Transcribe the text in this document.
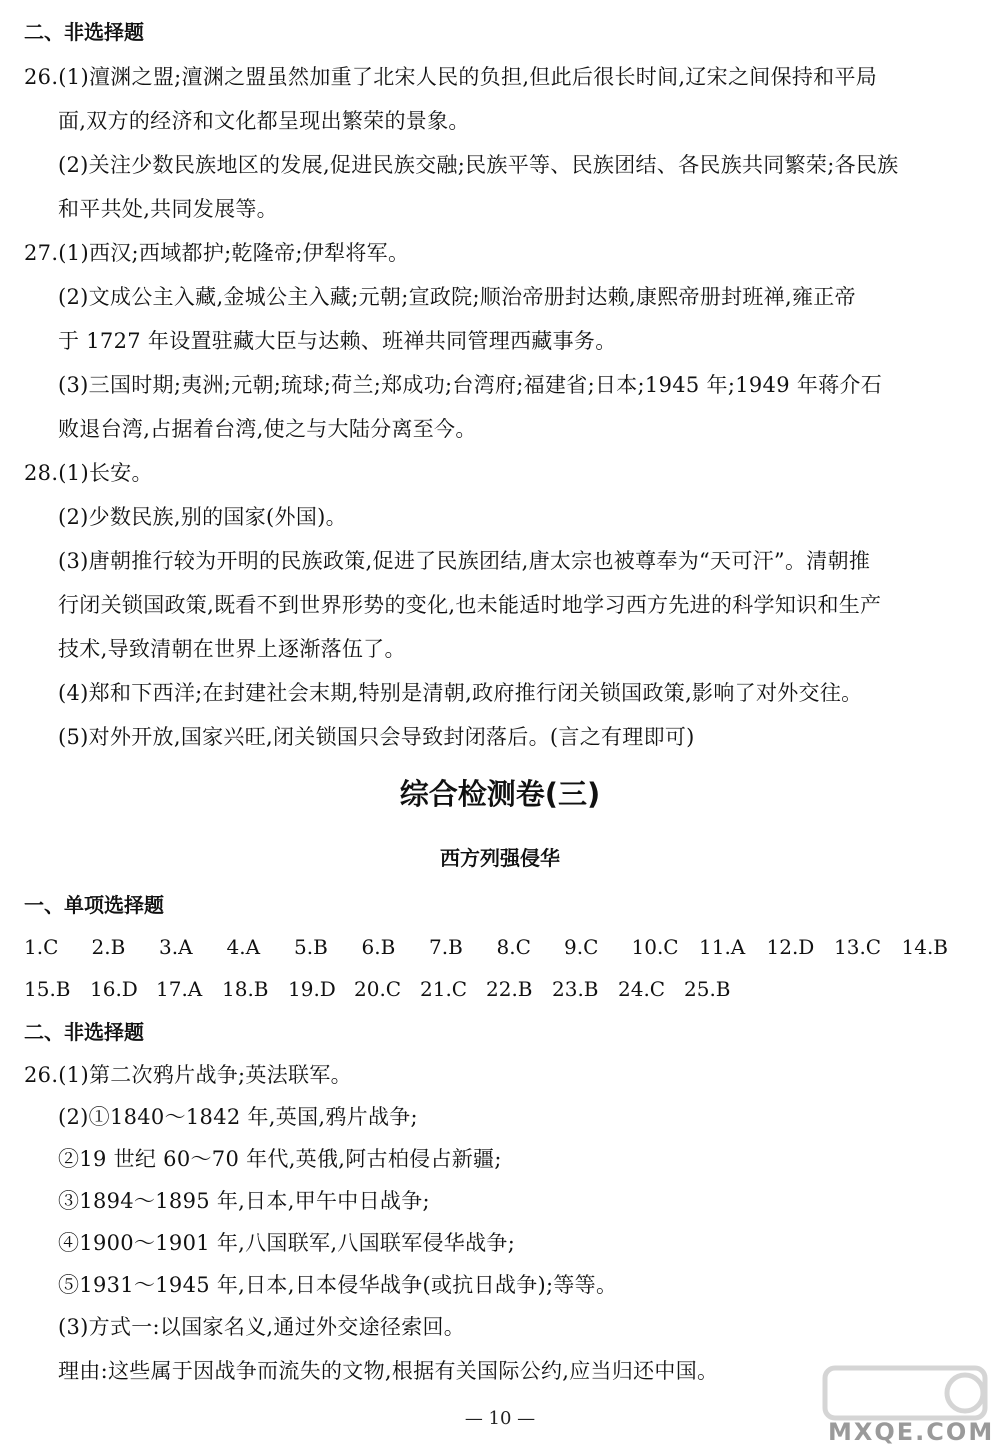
二、非选择题
26.(1)澶渊之盟;澶渊之盟虽然加重了北宋人民的负担,但此后很长时间,辽宋之间保持和平局
面,双方的经济和文化都呈现出繁荣的景象。
(2)关注少数民族地区的发展,促进民族交融;民族平等、民族团结、各民族共同繁荣;各民族
和平共处,共同发展等。
27.(1)西汉;西域都护;乾隆帝;伊犁将军。
(2)文成公主入藏,金城公主入藏;元朝;宣政院;顺治帝册封达赖,康熙帝册封班禅,雍正帝
于 1727 年设置驻藏大臣与达赖、班禅共同管理西藏事务。
(3)三国时期;夷洲;元朝;琉球;荷兰;郑成功;台湾府;福建省;日本;1945 年;1949 年蒋介石
败退台湾,占据着台湾,使之与大陆分离至今。
28.(1)长安。
(2)少数民族,别的国家(外国)。
(3)唐朝推行较为开明的民族政策,促进了民族团结,唐太宗也被尊奉为“天可汗”。清朝推
行闭关锁国政策,既看不到世界形势的变化,也未能适时地学习西方先进的科学知识和生产
技术,导致清朝在世界上逐渐落伍了。
(4)郑和下西洋;在封建社会末期,特别是清朝,政府推行闭关锁国政策,影响了对外交往。
(5)对外开放,国家兴旺,闭关锁国只会导致封闭落后。(言之有理即可)
综合检测卷(三)
西方列强侵华
一、单项选择题
1.C 2.B 3.A 4.A 5.B 6.B 7.B 8.C 9.C 10.C 11.A 12.D 13.C 14.B
15.B 16.D 17.A 18.B 19.D 20.C 21.C 22.B 23.B 24.C 25.B
二、非选择题
26.(1)第二次鸦片战争;英法联军。
(2)①1840～1842 年,英国,鸦片战争;
②19 世纪 60～70 年代,英俄,阿古柏侵占新疆;
③1894～1895 年,日本,甲午中日战争;
④1900～1901 年,八国联军,八国联军侵华战争;
⑤1931～1945 年,日本,日本侵华战争(或抗日战争);等等。
(3)方式一:以国家名义,通过外交途径索回。
理由:这些属于因战争而流失的文物,根据有关国际公约,应当归还中国。
— 10 —	MXQE.COM
